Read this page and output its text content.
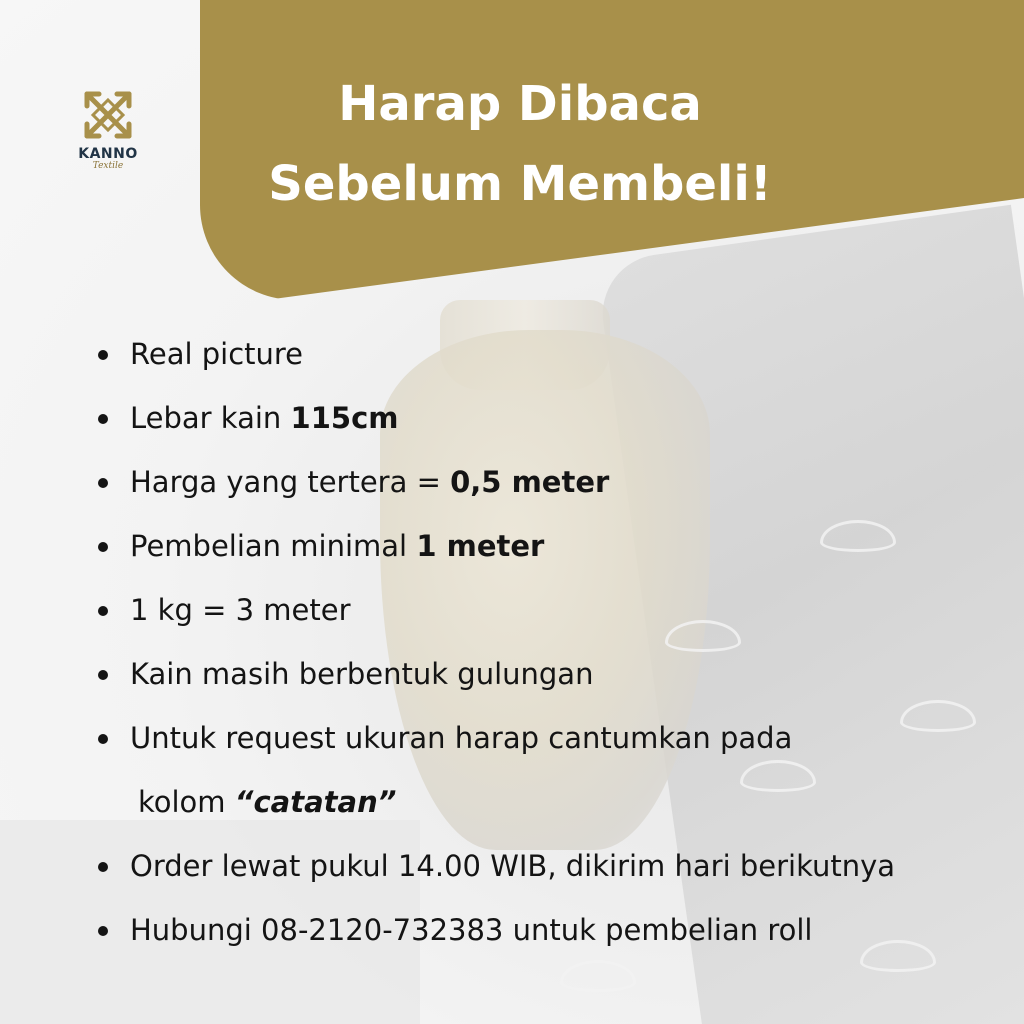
KANNO
Textile
Harap Dibaca
Sebelum Membeli!
Real picture
Lebar kain 115cm
Harga yang tertera = 0,5 meter
Pembelian minimal 1 meter
1 kg = 3 meter
Kain masih berbentuk gulungan
Untuk request ukuran harap cantumkan pada
kolom “catatan”
Order lewat pukul 14.00 WIB, dikirim hari berikutnya
Hubungi 08-2120-732383 untuk pembelian roll
